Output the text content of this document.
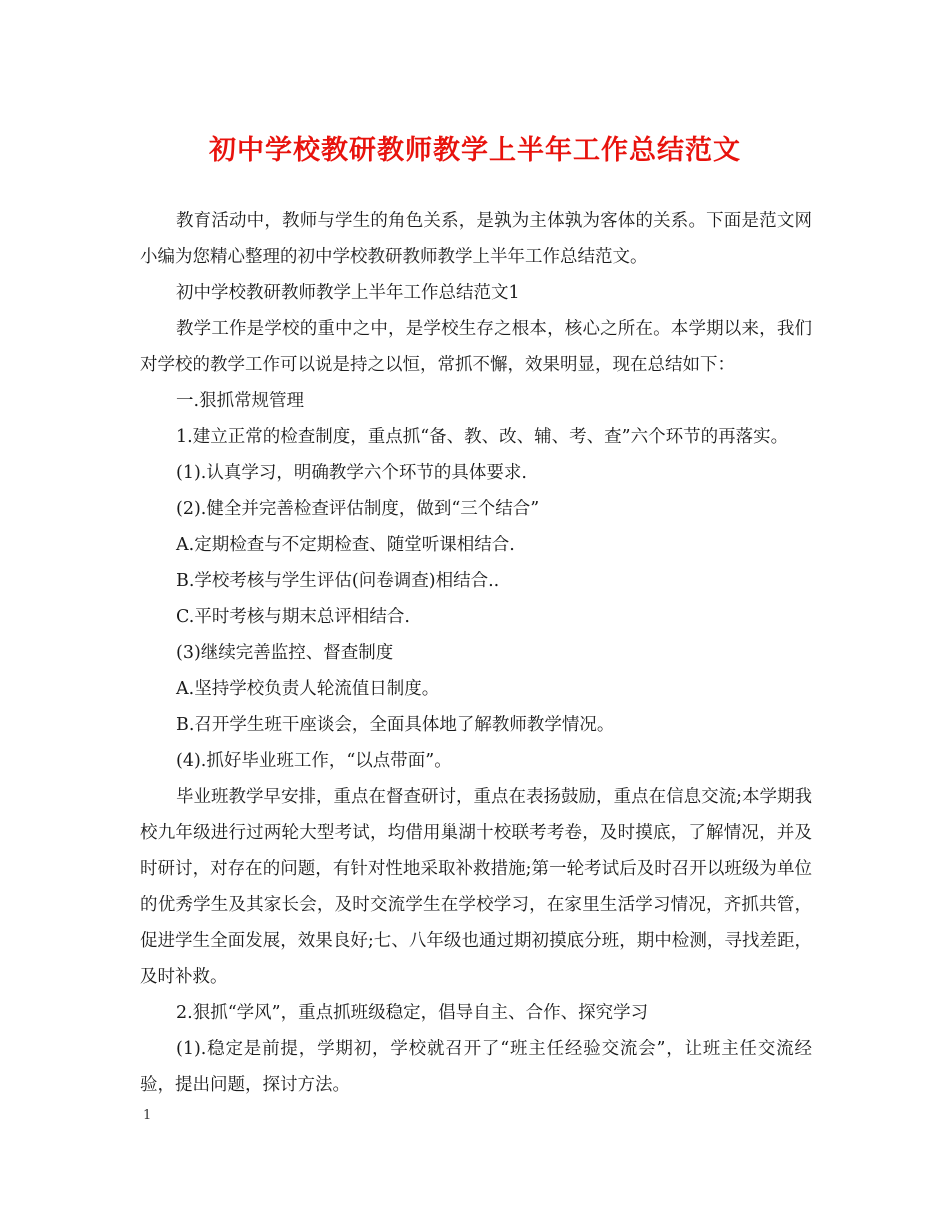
初中学校教研教师教学上半年工作总结范文

教育活动中，教师与学生的角色关系，是孰为主体孰为客体的关系。下面是范文网小编为您精心整理的初中学校教研教师教学上半年工作总结范文。

初中学校教研教师教学上半年工作总结范文1

教学工作是学校的重中之中，是学校生存之根本，核心之所在。本学期以来，我们对学校的教学工作可以说是持之以恒，常抓不懈，效果明显，现在总结如下：

一.狠抓常规管理

1.建立正常的检查制度，重点抓“备、教、改、辅、考、查”六个环节的再落实。

(1).认真学习，明确教学六个环节的具体要求.

(2).健全并完善检查评估制度，做到“三个结合”

A.定期检查与不定期检查、随堂听课相结合.

B.学校考核与学生评估(问卷调查)相结合..

C.平时考核与期末总评相结合.

(3)继续完善监控、督查制度

A.坚持学校负责人轮流值日制度。

B.召开学生班干座谈会，全面具体地了解教师教学情况。

(4).抓好毕业班工作，“以点带面”。

毕业班教学早安排，重点在督查研讨，重点在表扬鼓励，重点在信息交流;本学期我校九年级进行过两轮大型考试，均借用巢湖十校联考考卷，及时摸底，了解情况，并及时研讨，对存在的问题，有针对性地采取补救措施;第一轮考试后及时召开以班级为单位的优秀学生及其家长会，及时交流学生在学校学习，在家里生活学习情况，齐抓共管，促进学生全面发展，效果良好;七、八年级也通过期初摸底分班，期中检测，寻找差距，及时补救。

2.狠抓“学风”，重点抓班级稳定，倡导自主、合作、探究学习

(1).稳定是前提，学期初，学校就召开了“班主任经验交流会”，让班主任交流经验，提出问题，探讨方法。

1
